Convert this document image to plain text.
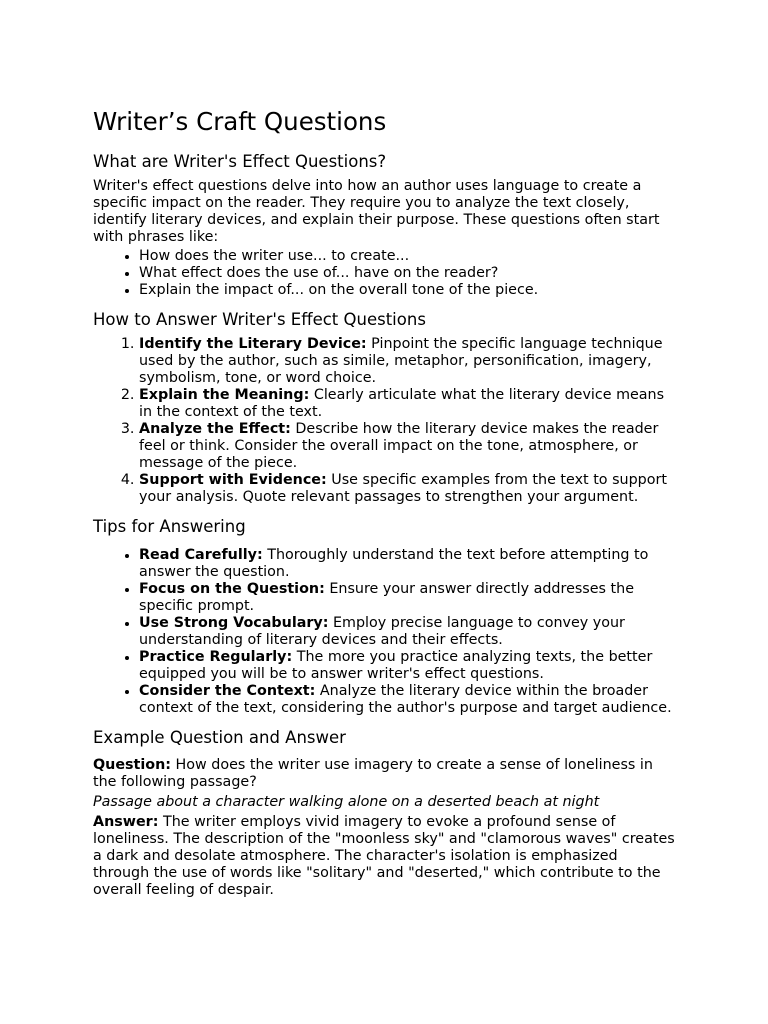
Writer’s Craft Questions
What are Writer's Effect Questions?

Writer's effect questions delve into how an author uses language to create a specific impact on the reader. They require you to analyze the text closely, identify literary devices, and explain their purpose. These questions often start with phrases like:

• How does the writer use... to create...
• What effect does the use of... have on the reader?
• Explain the impact of... on the overall tone of the piece.
How to Answer Writer's Effect Questions
1. Identify the Literary Device: Pinpoint the specific language technique used by the author, such as simile, metaphor, personification, imagery, symbolism, tone, or word choice.
2. Explain the Meaning: Clearly articulate what the literary device means in the context of the text.
3. Analyze the Effect: Describe how the literary device makes the reader feel or think. Consider the overall impact on the tone, atmosphere, or message of the piece.
4. Support with Evidence: Use specific examples from the text to support your analysis. Quote relevant passages to strengthen your argument.
Tips for Answering
• Read Carefully: Thoroughly understand the text before attempting to answer the question.
• Focus on the Question: Ensure your answer directly addresses the specific prompt.
• Use Strong Vocabulary: Employ precise language to convey your understanding of literary devices and their effects.
• Practice Regularly: The more you practice analyzing texts, the better equipped you will be to answer writer's effect questions.
• Consider the Context: Analyze the literary device within the broader context of the text, considering the author's purpose and target audience.
Example Question and Answer

Question: How does the writer use imagery to create a sense of loneliness in the following passage?

Passage about a character walking alone on a deserted beach at night

Answer: The writer employs vivid imagery to evoke a profound sense of loneliness. The description of the "moonless sky" and "clamorous waves" creates a dark and desolate atmosphere. The character's isolation is emphasized through the use of words like "solitary" and "deserted," which contribute to the overall feeling of despair.
